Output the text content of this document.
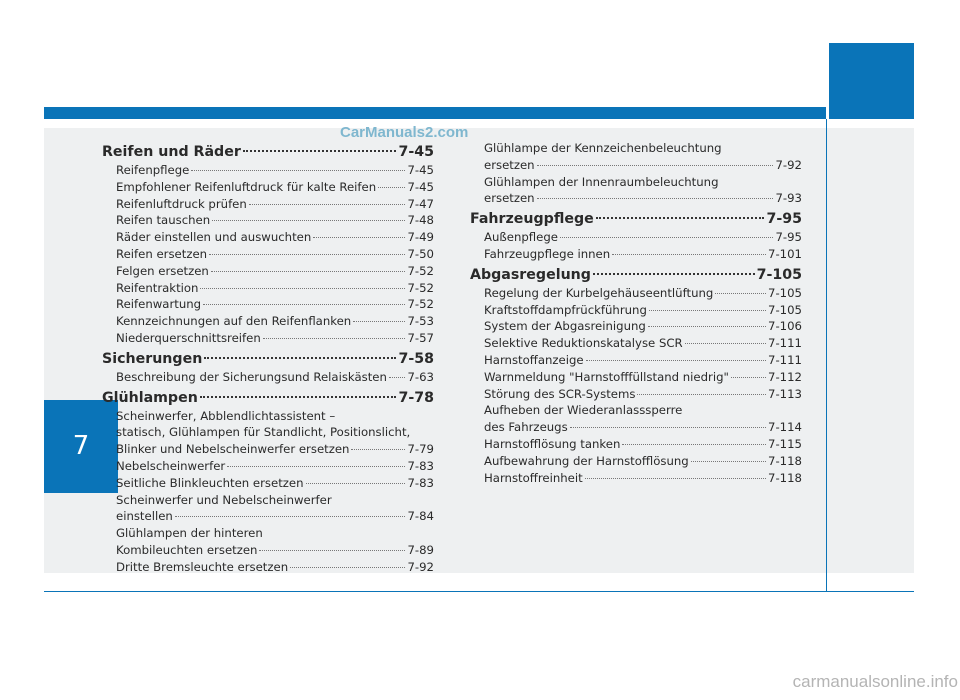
7
CarManuals2.com
carmanualsonline.info
Reifen und Räder	7-45
Reifenpflege	7-45
Empfohlener Reifenluftdruck für kalte Reifen	7-45
Reifenluftdruck prüfen	7-47
Reifen tauschen	7-48
Räder einstellen und auswuchten	7-49
Reifen ersetzen	7-50
Felgen ersetzen	7-52
Reifentraktion	7-52
Reifenwartung	7-52
Kennzeichnungen auf den Reifenflanken	7-53
Niederquerschnittsreifen	7-57
Sicherungen	7-58
Beschreibung der Sicherungsund Relaiskästen 7-63
Glühlampen	7-78
Scheinwerfer, Abblendlichtassistent –
statisch, Glühlampen für Standlicht, Positionslicht,
Blinker und Nebelscheinwerfer ersetzen	7-79
Nebelscheinwerfer	7-83
Seitliche Blinkleuchten ersetzen	7-83
Scheinwerfer und Nebelscheinwerfer
einstellen	7-84
Glühlampen der hinteren
Kombileuchten ersetzen	7-89
Dritte Bremsleuchte ersetzen	7-92
Glühlampe der Kennzeichenbeleuchtung
ersetzen	7-92
Glühlampen der Innenraumbeleuchtung
ersetzen	7-93
Fahrzeugpflege	7-95
Außenpflege	7-95
Fahrzeugpflege innen	7-101
Abgasregelung	7-105
Regelung der Kurbelgehäuseentlüftung	7-105
Kraftstoffdampfrückführung	7-105
System der Abgasreinigung	7-106
Selektive Reduktionskatalyse SCR	7-111
Harnstoffanzeige	7-111
Warnmeldung "Harnstofffüllstand niedrig"	7-112
Störung des SCR-Systems	7-113
Aufheben der Wiederanlasssperre
des Fahrzeugs	7-114
Harnstofflösung tanken	7-115
Aufbewahrung der Harnstofflösung	7-118
Harnstoffreinheit	7-118
